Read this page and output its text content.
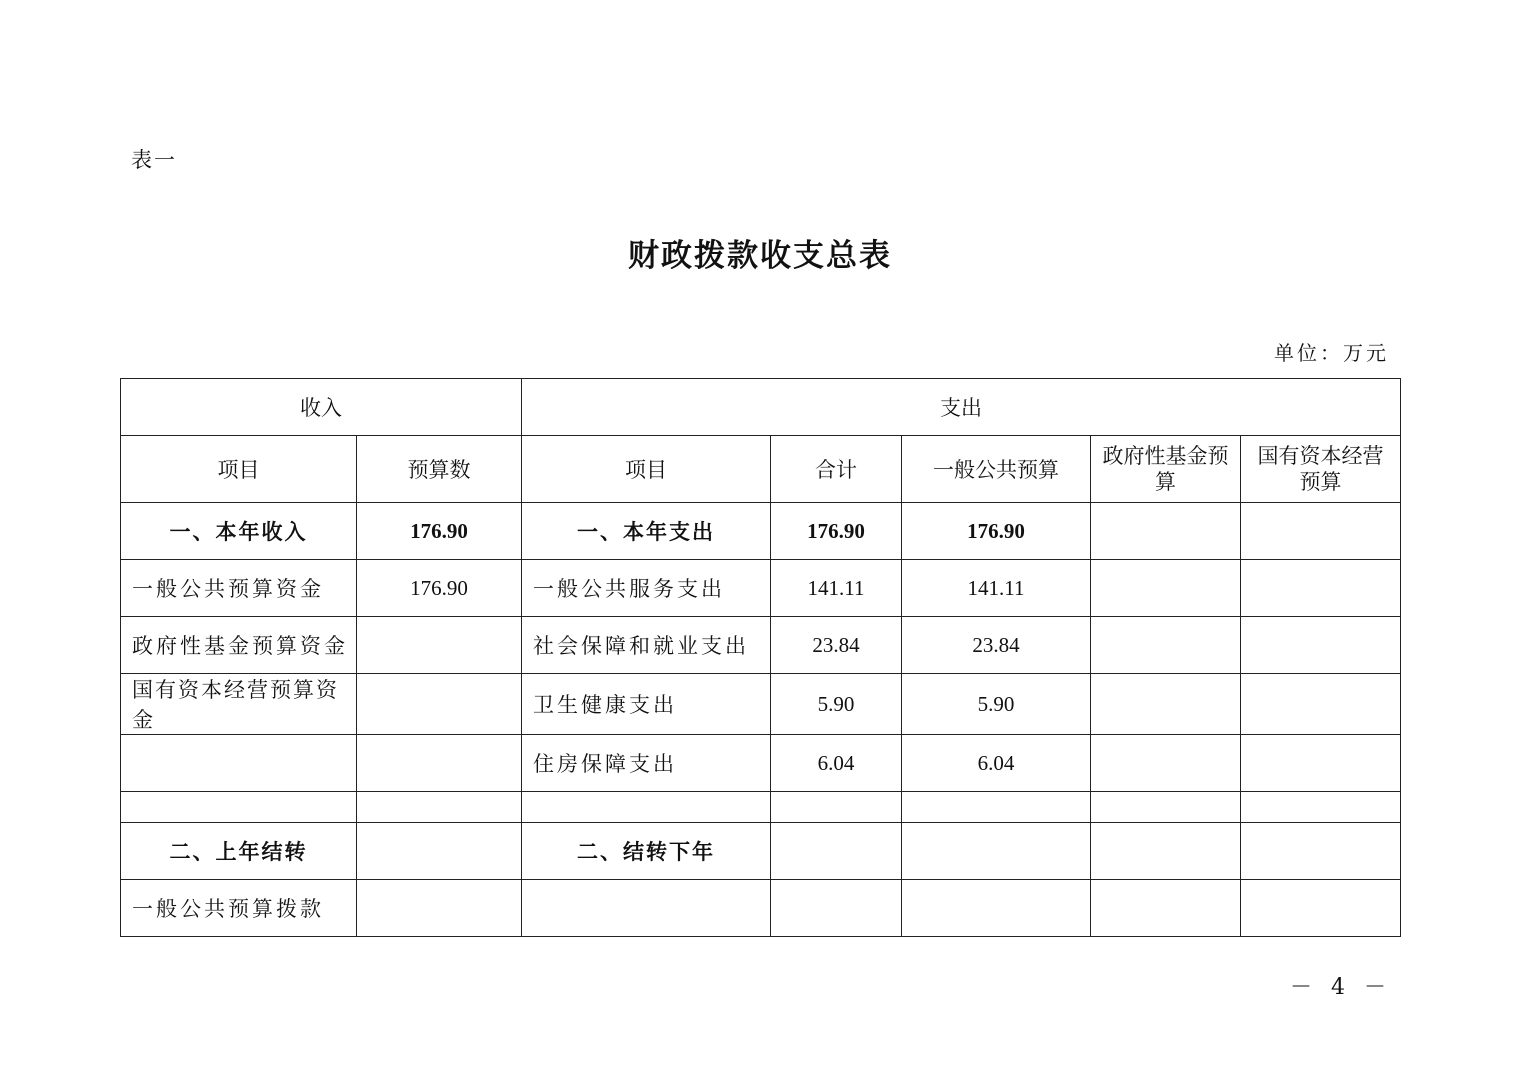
表一
财政拨款收支总表
单位：万元
收入		支出				
项目	预算数	项目	合计	一般公共预算	政府性基金预算	国有资本经营预算
一、本年收入	176.90	一、本年支出	176.90	176.90		
一般公共预算资金	176.90	一般公共服务支出	141.11	141.11		
政府性基金预算资金		社会保障和就业支出	23.84	23.84		
国有资本经营预算资金		卫生健康支出	5.90	5.90		
		住房保障支出	6.04	6.04		

二、上年结转		二、结转下年				
一般公共预算拨款						
－ 4 －
